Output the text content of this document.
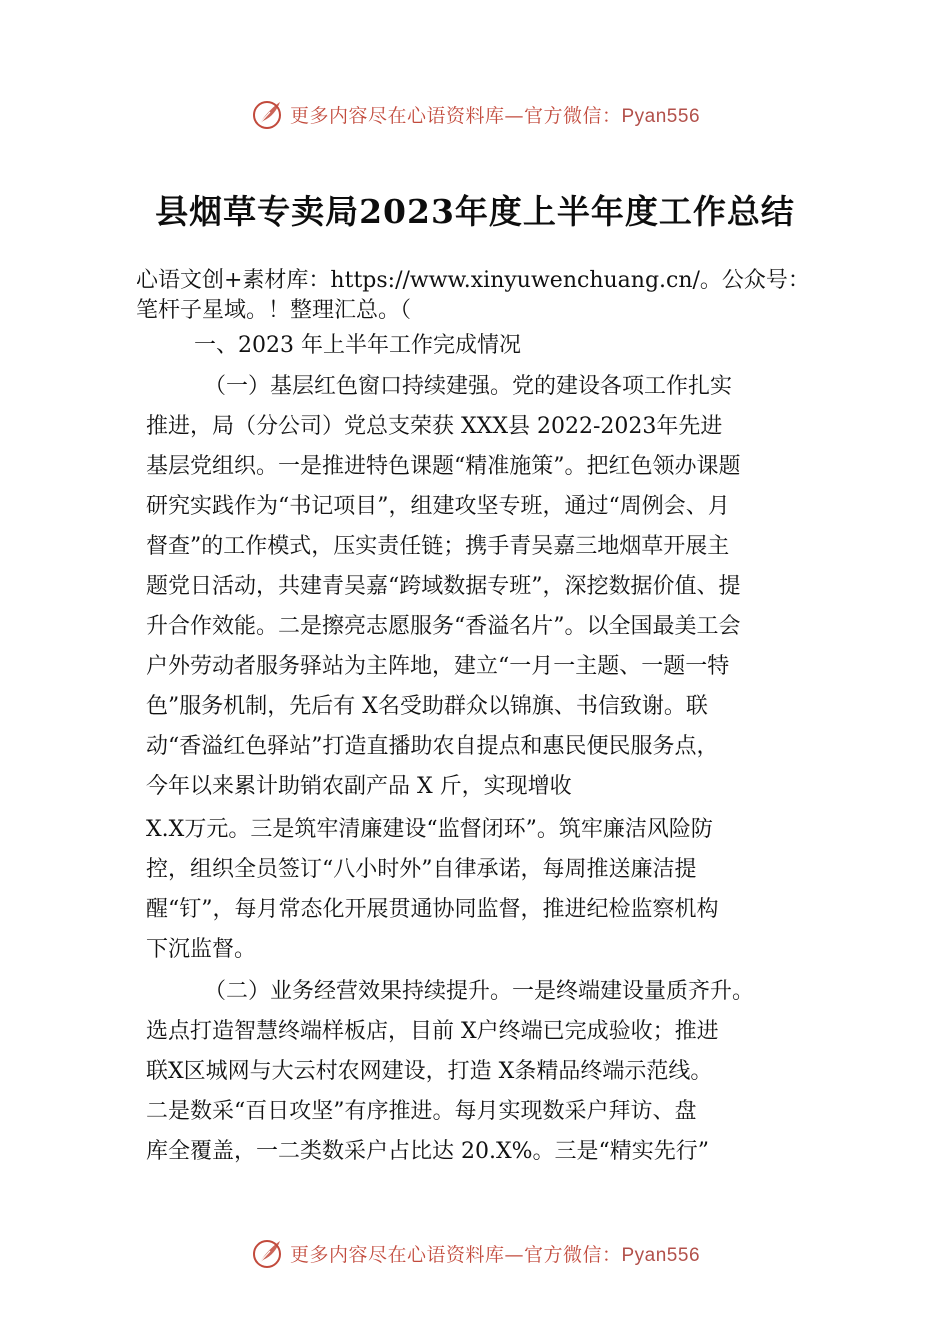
更多内容尽在心语资料库—官方微信：Pyan556
县烟草专卖局2023年度上半年度工作总结
心语文创+素材库：https://www.xinyuwenchuang.cn/。公众号：
笔杆子星域。！整理汇总。（
一、2023 年上半年工作完成情况
（一）基层红色窗口持续建强。党的建设各项工作扎实
推进，局（分公司）党总支荣获 XXX县 2022-2023年先进
基层党组织。一是推进特色课题“精准施策”。把红色领办课题
研究实践作为“书记项目”，组建攻坚专班，通过“周例会、月
督查”的工作模式，压实责任链；携手青吴嘉三地烟草开展主
题党日活动，共建青吴嘉“跨域数据专班”，深挖数据价值、提
升合作效能。二是擦亮志愿服务“香溢名片”。以全国最美工会
户外劳动者服务驿站为主阵地，建立“一月一主题、一题一特
色”服务机制，先后有 X名受助群众以锦旗、书信致谢。联
动“香溢红色驿站”打造直播助农自提点和惠民便民服务点，
今年以来累计助销农副产品 X 斤，实现增收
X.X万元。三是筑牢清廉建设“监督闭环”。筑牢廉洁风险防
控，组织全员签订“八小时外”自律承诺，每周推送廉洁提
醒“钉”，每月常态化开展贯通协同监督，推进纪检监察机构
下沉监督。
（二）业务经营效果持续提升。一是终端建设量质齐升。
选点打造智慧终端样板店，目前 X户终端已完成验收；推进
联X区城网与大云村农网建设，打造 X条精品终端示范线。
二是数采“百日攻坚”有序推进。每月实现数采户拜访、盘
库全覆盖，一二类数采户占比达 20.X%。三是“精实先行”
更多内容尽在心语资料库—官方微信：Pyan556
